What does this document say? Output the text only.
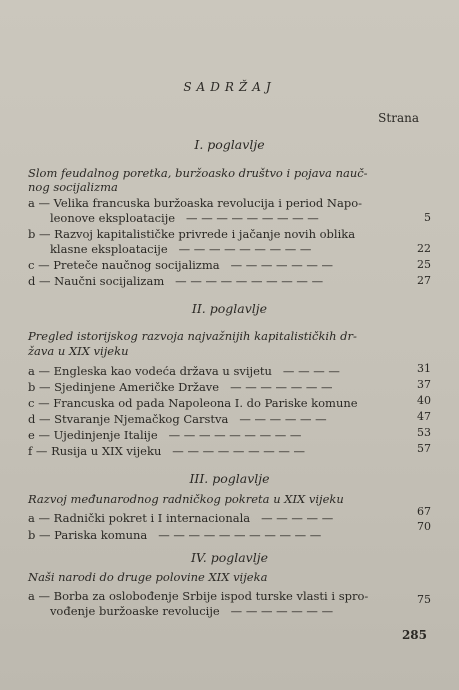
SADRŽAJ
Strana
I. poglavlje
Slom feudalnog poretka, buržoasko društvo i pojava nauč-
nog socijalizma
a — Velika francuska buržoaska revolucija i period Napo-
leonove eksploatacije   — — — — — — — — —	5
b — Razvoj kapitalističke privrede i jačanje novih oblika
klasne eksploatacije   — — — — — — — — —	22
c — Preteče naučnog socijalizma   — — — — — — —	25
d — Naučni socijalizam   — — — — — — — — — —	27
II. poglavlje
Pregled istorijskog razvoja najvažnijih kapitalističkih dr-
žava u XIX vijeku
a — Engleska kao vodeća država u svijetu   — — — —	31
b — Sjedinjene Američke Države   — — — — — — —	37
c — Francuska od pada Napoleona I. do Pariske komune	40
d — Stvaranje Njemačkog Carstva   — — — — — —	47
e — Ujedinjenje Italije   — — — — — — — — —	53
f — Rusija u XIX vijeku   — — — — — — — — —	57
III. poglavlje
Razvoj međunarodnog radničkog pokreta u XIX vijeku
a — Radnički pokret i I internacionala   — — — — —	67
b — Pariska komuna   — — — — — — — — — — —
70
IV. poglavlje
Naši narodi do druge polovine XIX vijeka
a — Borba za oslobođenje Srbije ispod turske vlasti i spro-
vođenje buržoaske revolucije   — — — — — — —
75
285
